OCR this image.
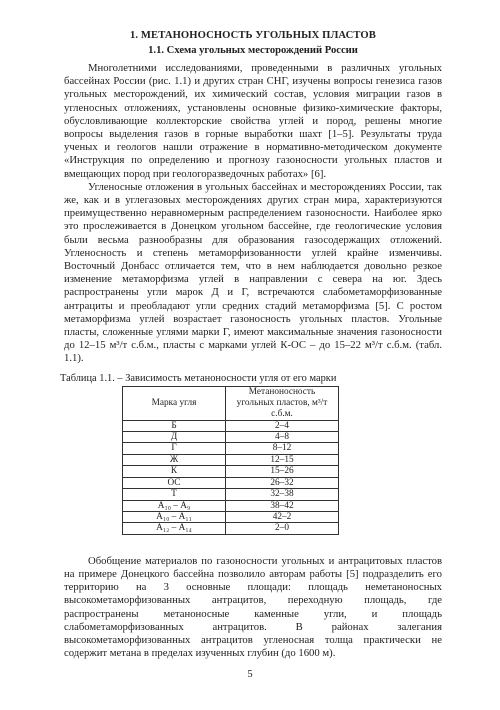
1. МЕТАНОНОСНОСТЬ УГОЛЬНЫХ ПЛАСТОВ
1.1. Схема угольных месторождений России

Многолетними исследованиями, проведенными в различных угольных бассейнах России (рис. 1.1) и других стран СНГ, изучены вопросы генезиса газов угольных месторождений, их химический состав, условия миграции газов в угленосных отложениях, установлены основные физико-химические факторы, обусловливающие коллекторские свойства углей и пород, решены многие вопросы выделения газов в горные выработки шахт [1–5]. Результаты труда ученых и геологов нашли отражение в нормативно-методическом документе «Инструкция по определению и прогнозу газоносности угольных пластов и вмещающих пород при геологоразведочных работах» [6].

Угленосные отложения в угольных бассейнах и месторождениях России, так же, как и в углегазовых месторождениях других стран мира, характеризуются преимущественно неравномерным распределением газоносности. Наиболее ярко это прослеживается в Донецком угольном бассейне, где геологические условия были весьма разнообразны для образования газосодержащих отложений. Угленосность и степень метаморфизованности углей крайне изменчивы. Восточный Донбасс отличается тем, что в нем наблюдается довольно резкое изменение метаморфизма углей в направлении с севера на юг. Здесь распространены угли марок Д и Г, встречаются слабометаморфизованные антрациты и преобладают угли средних стадий метаморфизма [5]. С ростом метаморфизма углей возрастает газоносность угольных пластов. Угольные пласты, сложенные углями марки Г, имеют максимальные значения газоносности до 12–15 м³/т с.б.м., пласты с марками углей К-ОС – до 15–22 м³/т с.б.м. (табл. 1.1).

Таблица 1.1. – Зависимость метаноносности угля от его марки
Марка угля	Метаноносность угольных пластов, м³/т с.б.м.
Б	2–4
Д	4–8
Г	8–12
Ж	12–15
К	15–26
ОС	26–32
Т	32–38
А₁₀ – А₉	38–42
А₁₀ – А₁₁	42–2
А₁₂ – А₁₄	2–0

Обобщение материалов по газоносности угольных и антрацитовых пластов на примере Донецкого бассейна позволило авторам работы [5] подразделить его территорию на 3 основные площади: площадь неметаноносных высокометаморфизованных антрацитов, переходную площадь, где распространены метаноносные каменные угли, и площадь слабометаморфизованных антрацитов. В районах залегания высокометаморфизованных антрацитов угленосная толща практически не содержит метана в пределах изученных глубин (до 1600 м).

5
